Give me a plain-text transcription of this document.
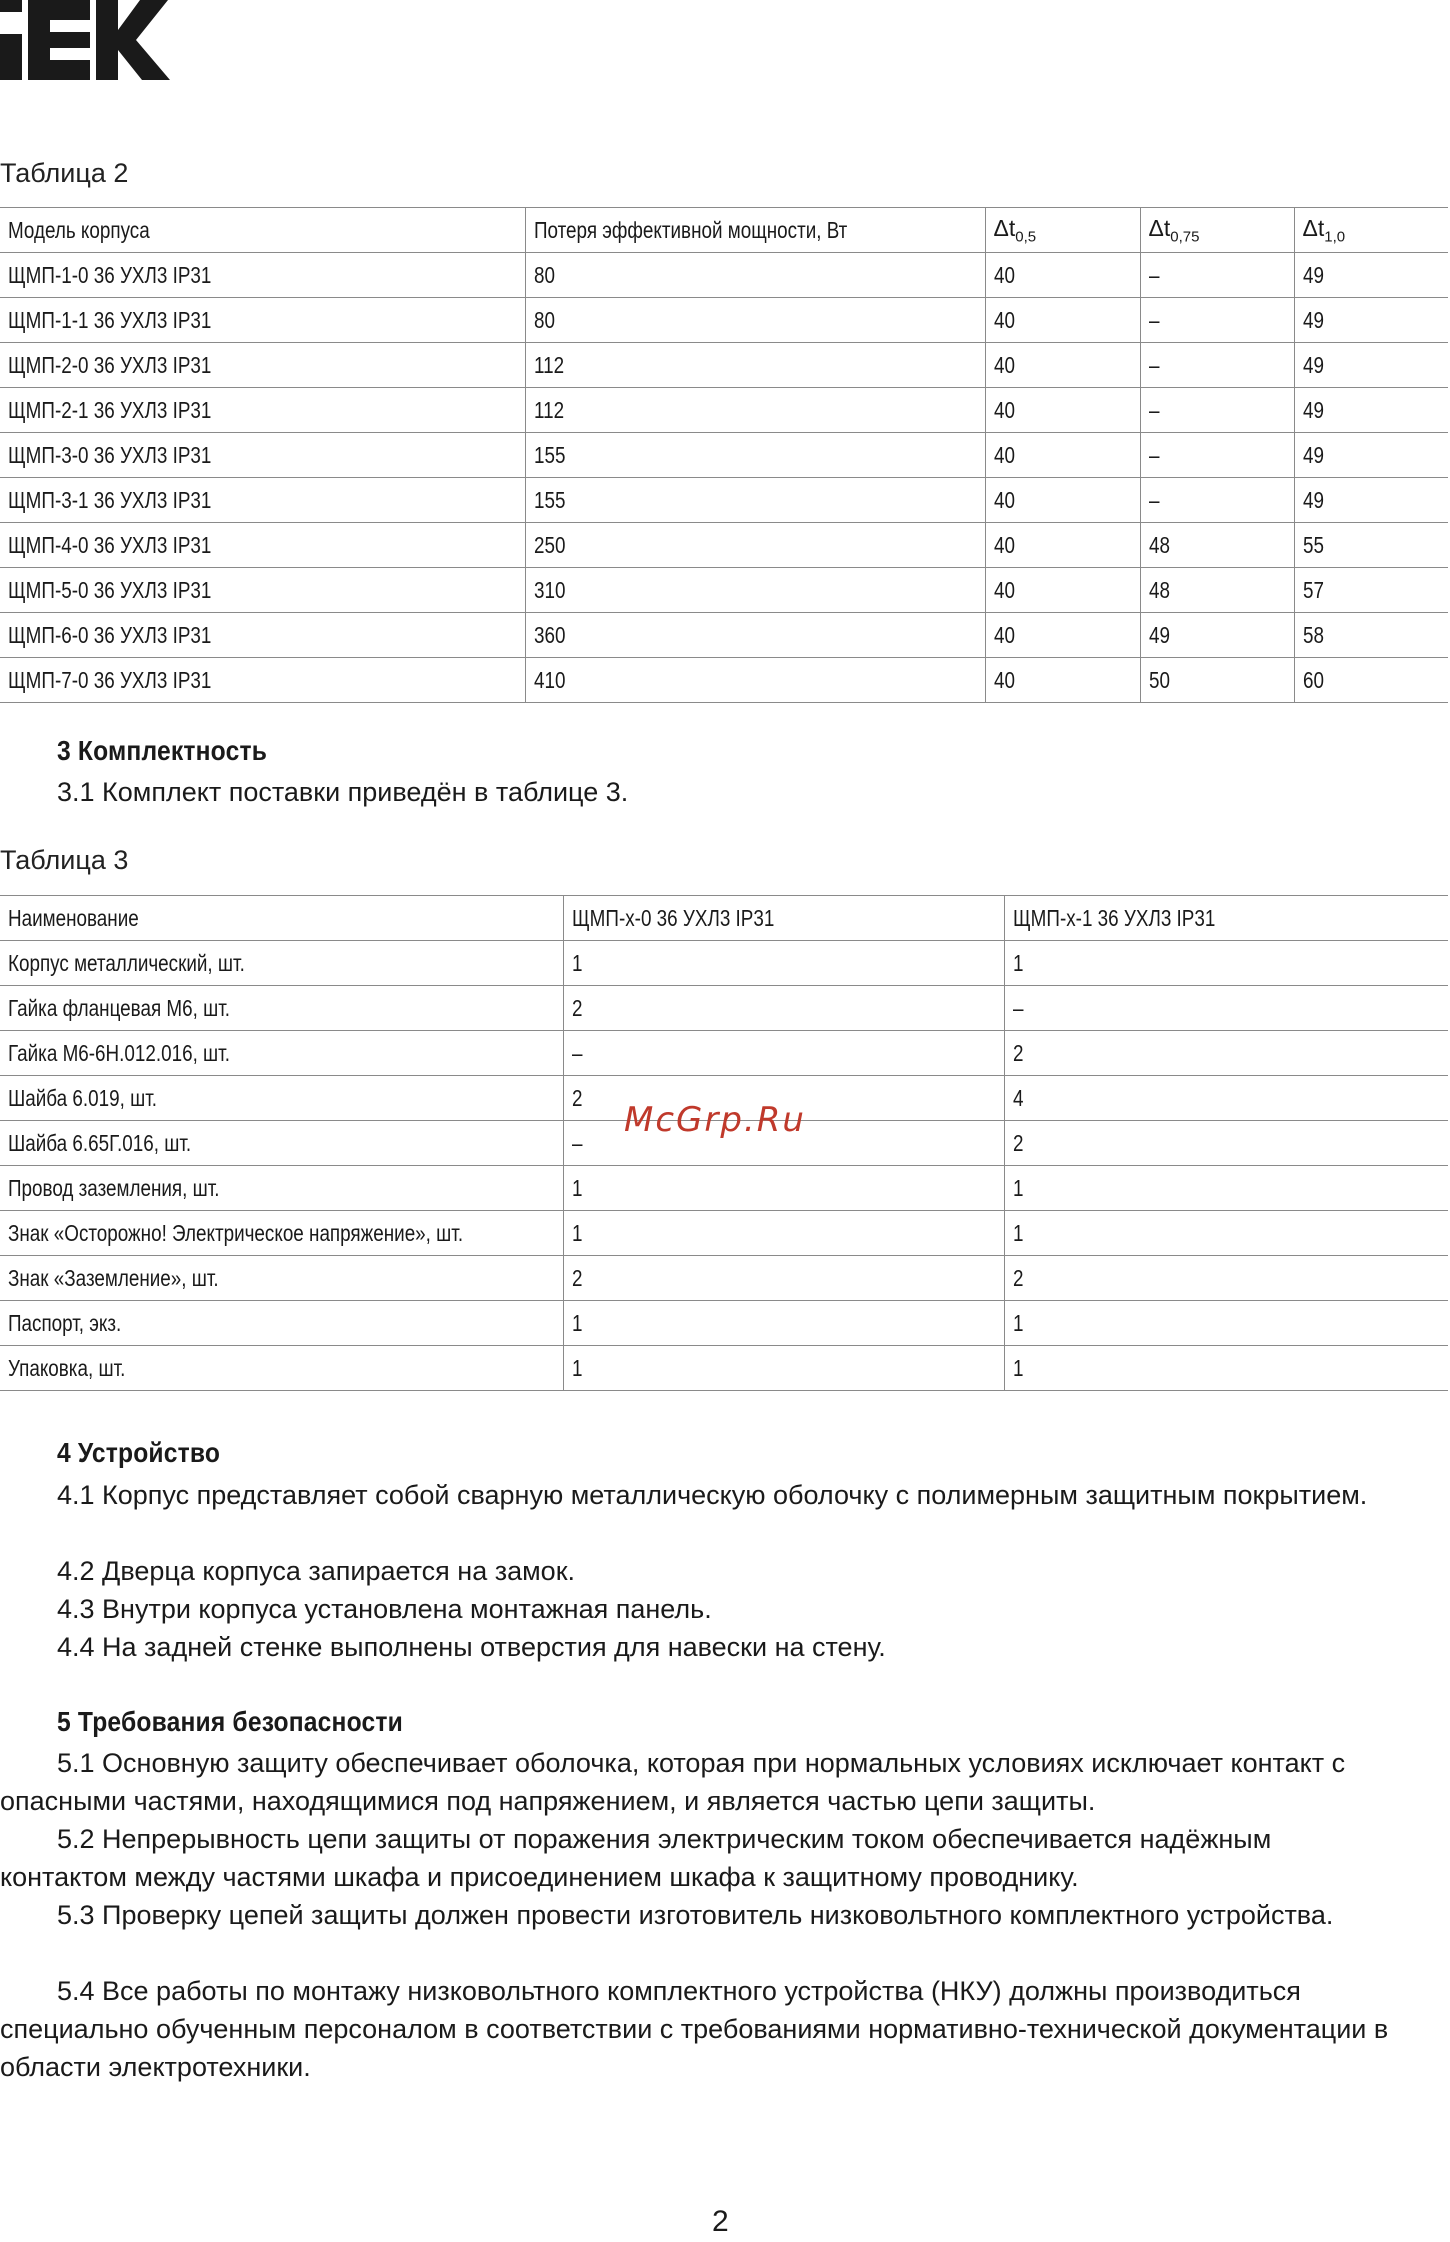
Таблица 2
Модель корпуса	Потеря эффективной мощности, Вт	$\Delta t_{0,5}$	$\Delta t_{0,75}$	$\Delta t_{1,0}$
ЩМП-1-0 36 УХЛ3 IP31	80	40	–	49
ЩМП-1-1 36 УХЛ3 IP31	80	40	–	49
ЩМП-2-0 36 УХЛ3 IP31	112	40	–	49
ЩМП-2-1 36 УХЛ3 IP31	112	40	–	49
ЩМП-3-0 36 УХЛ3 IP31	155	40	–	49
ЩМП-3-1 36 УХЛ3 IP31	155	40	–	49
ЩМП-4-0 36 УХЛ3 IP31	250	40	48	55
ЩМП-5-0 36 УХЛ3 IP31	310	40	48	57
ЩМП-6-0 36 УХЛ3 IP31	360	40	49	58
ЩМП-7-0 36 УХЛ3 IP31	410	40	50	60
3 Комплектность

3.1 Комплект поставки приведён в таблице 3.

Таблица 3
Наименование	ЩМП-х-0 36 УХЛ3 IP31	ЩМП-х-1 36 УХЛ3 IP31
Корпус металлический, шт.	1	1
Гайка фланцевая М6, шт.	2	–
Гайка М6-6Н.012.016, шт.	–	2
Шайба 6.019, шт.	2	4
Шайба 6.65Г.016, шт.	–	2
Провод заземления, шт.	1	1
Знак «Осторожно! Электрическое напряжение», шт.	1	1
Знак «Заземление», шт.	2	2
Паспорт, экз.	1	1
Упаковка, шт.	1	1
McGrp.Ru
4 Устройство

4.1 Корпус представляет собой сварную металлическую оболочку с полимерным защитным покрытием.

4.2 Дверца корпуса запирается на замок.

4.3 Внутри корпуса установлена монтажная панель.

4.4 На задней стенке выполнены отверстия для навески на стену.

5 Требования безопасности

5.1 Основную защиту обеспечивает оболочка, которая при нормальных условиях исключает контакт с опасными частями, находящимися под напряжением, и является частью цепи защиты.

5.2 Непрерывность цепи защиты от поражения электрическим током обеспечивается надёжным контактом между частями шкафа и присоединением шкафа к защитному проводнику.

5.3 Проверку цепей защиты должен провести изготовитель низковольтного комплектного устройства.

5.4 Все работы по монтажу низковольтного комплектного устройства (НКУ) должны производиться специально обученным персоналом в соответствии с требованиями нормативно-технической документации в области электротехники.

2
